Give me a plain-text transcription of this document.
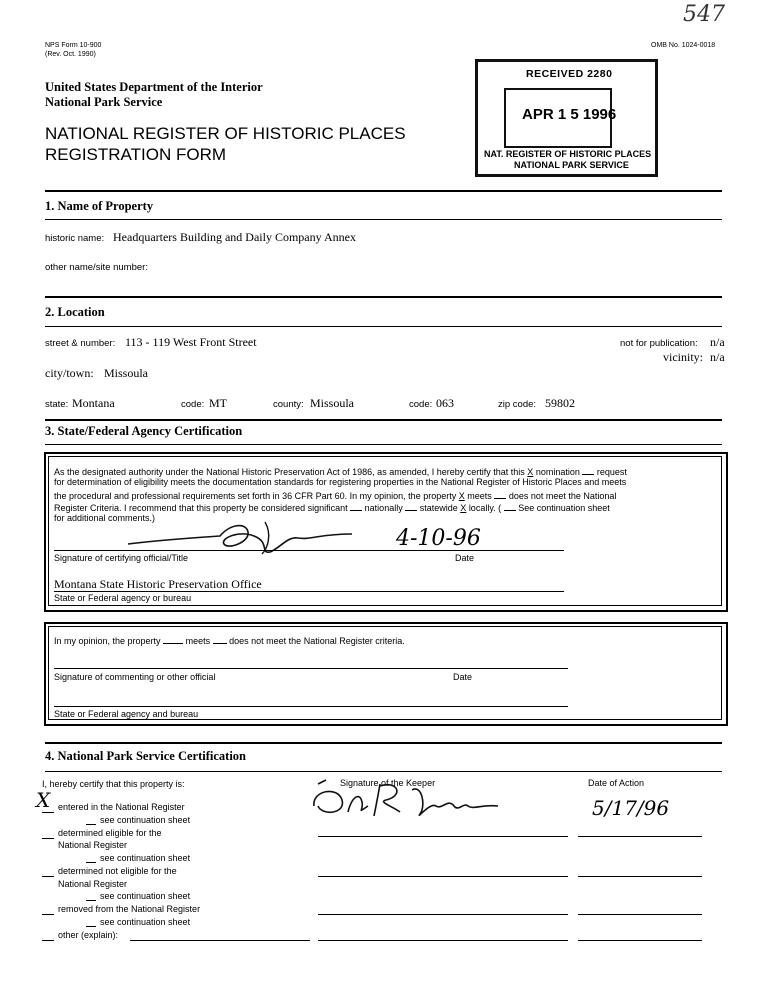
547
NPS Form 10-900
(Rev. Oct. 1990)
OMB No. 1024-0018
United States Department of the Interior
National Park Service
NATIONAL REGISTER OF HISTORIC PLACES
REGISTRATION FORM
RECEIVED 2280
APR 1 5 1996
NAT. REGISTER OF HISTORIC PLACES
NATIONAL PARK SERVICE
1. Name of Property
historic name: Headquarters Building and Daily Company Annex
other name/site number:
2. Location
street & number: 113 - 119 West Front Street	not for publication: n/a
vicinity: n/a
city/town: Missoula
state: Montana	code: MT	county: Missoula	code: 063	zip code: 59802
3. State/Federal Agency Certification
As the designated authority under the National Historic Preservation Act of 1986, as amended, I hereby certify that this X nomination request
for determination of eligibility meets the documentation standards for registering properties in the National Register of Historic Places and meets
the procedural and professional requirements set forth in 36 CFR Part 60. In my opinion, the property X meets does not meet the National
Register Criteria. I recommend that this property be considered significant nationally statewide X locally. ( See continuation sheet
for additional comments.)
4-10-96
Signature of certifying official/Title	Date
Montana State Historic Preservation Office
State or Federal agency or bureau
In my opinion, the property	meets does not meet the National Register criteria.
Signature of commenting or other official	Date
State or Federal agency and bureau
4. National Park Service Certification
I, hereby certify that this property is:	Signature of the Keeper	Date of Action
5/17/96
X entered in the National Register
see continuation sheet
determined eligible for the
National Register
see continuation sheet
determined not eligible for the
National Register
see continuation sheet
removed from the National Register
see continuation sheet
other (explain):
